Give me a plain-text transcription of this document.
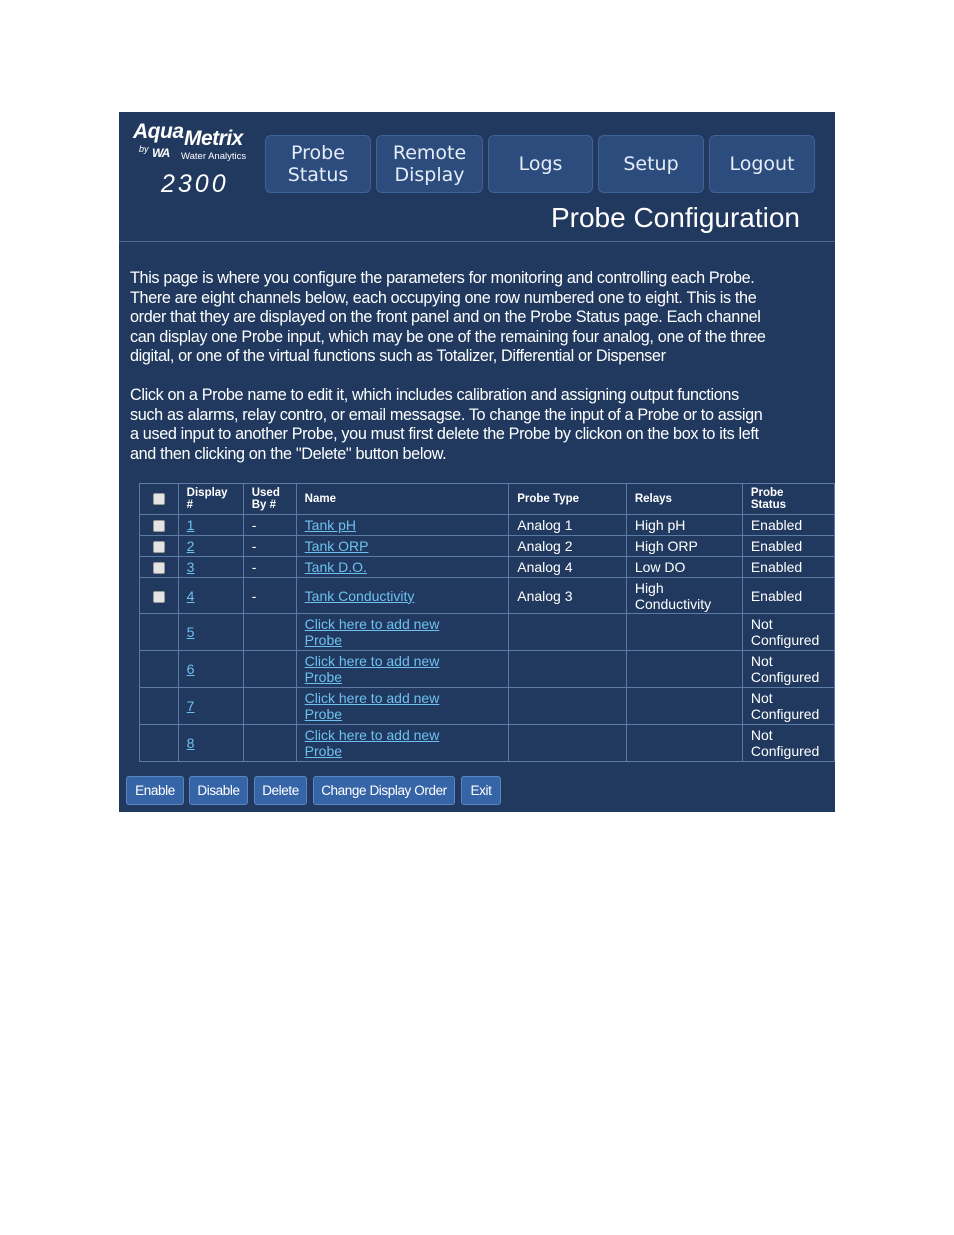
Aqua Metrix
by WA Water Analytics
2300
Probe
Status
Remote
Display	Logs	Setup	Logout
Probe Configuration

This page is where you configure the parameters for monitoring and controlling each Probe.
There are eight channels below, each occupying one row numbered one to eight. This is the
order that they are displayed on the front panel and on the Probe Status page. Each channel
can display one Probe input, which may be one of the remaining four analog, one of the three
digital, or one of the virtual functions such as Totalizer, Differential or Dispenser

Click on a Probe name to edit it, which includes calibration and assigning output functions
such as alarms, relay contro, or email messagse. To change the input of a Probe or to assign
a used input to another Probe, you must first delete the Probe by clickon on the box to its left
and then clicking on the "Delete" button below.

	Display
#	Used
By #	Name	Probe Type	Relays	Probe
Status
	1	-	Tank pH	Analog 1	High pH	Enabled
	2	-	Tank ORP	Analog 2	High ORP	Enabled
	3	-	Tank D.O.	Analog 4	Low DO	Enabled
	4	-	Tank Conductivity	Analog 3	High
Conductivity	Enabled
	5		Click here to add new
Probe			Not
Configured

	6		Click here to add new
Probe			Not
Configured

	7		Click here to add new
Probe			Not
Configured

	8		Click here to add new
Probe			Not
Configured
Enable	Disable	Delete	Change Display Order	Exit
